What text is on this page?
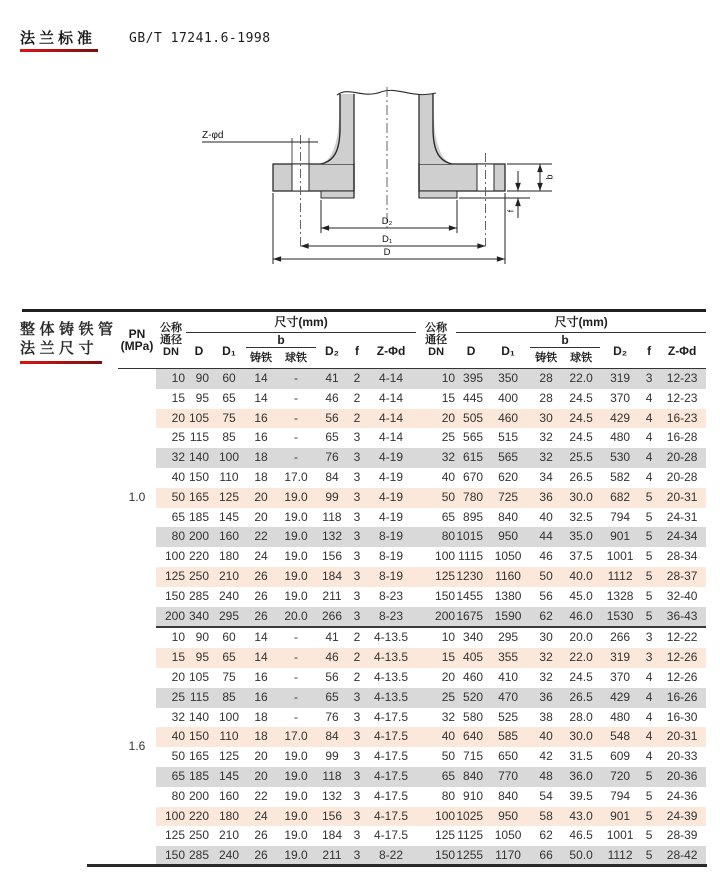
法兰标准	GB/T 17241.6-1998
Z-φd
b
f
D₂
D₁
D
整体铸铁管法兰尺寸
PN
(MPa)	公称
通径
DN	尺寸(mm)							公称
通径
DN	尺寸(mm)						
		D	D₁	b		D₂	f	Z-Φd		D	D₁	b		D₂	f	Z-Φd
				铸铁	球铁							铸铁	球铁			
1.0	10	90	60	14	-	41	2	4-14	10	395	350	28	22.0	319	3	12-23
	15	95	65	14	-	46	2	4-14	15	445	400	28	24.5	370	4	12-23
	20	105	75	16	-	56	2	4-14	20	505	460	30	24.5	429	4	16-23
	25	115	85	16	-	65	3	4-14	25	565	515	32	24.5	480	4	16-28
	32	140	100	18	-	76	3	4-19	32	615	565	32	25.5	530	4	20-28
	40	150	110	18	17.0	84	3	4-19	40	670	620	34	26.5	582	4	20-28
	50	165	125	20	19.0	99	3	4-19	50	780	725	36	30.0	682	5	20-31
	65	185	145	20	19.0	118	3	4-19	65	895	840	40	32.5	794	5	24-31
	80	200	160	22	19.0	132	3	8-19	80	1015	950	44	35.0	901	5	24-34
	100	220	180	24	19.0	156	3	8-19	100	1115	1050	46	37.5	1001	5	28-34
	125	250	210	26	19.0	184	3	8-19	125	1230	1160	50	40.0	1112	5	28-37
	150	285	240	26	19.0	211	3	8-23	150	1455	1380	56	45.0	1328	5	32-40
	200	340	295	26	20.0	266	3	8-23	200	1675	1590	62	46.0	1530	5	36-43
1.6	10	90	60	14	-	41	2	4-13.5	10	340	295	30	20.0	266	3	12-22
	15	95	65	14	-	46	2	4-13.5	15	405	355	32	22.0	319	3	12-26
	20	105	75	16	-	56	2	4-13.5	20	460	410	32	24.5	370	4	12-26
	25	115	85	16	-	65	3	4-13.5	25	520	470	36	26.5	429	4	16-26
	32	140	100	18	-	76	3	4-17.5	32	580	525	38	28.0	480	4	16-30
	40	150	110	18	17.0	84	3	4-17.5	40	640	585	40	30.0	548	4	20-31
	50	165	125	20	19.0	99	3	4-17.5	50	715	650	42	31.5	609	4	20-33
	65	185	145	20	19.0	118	3	4-17.5	65	840	770	48	36.0	720	5	20-36
	80	200	160	22	19.0	132	3	4-17.5	80	910	840	54	39.5	794	5	24-36
	100	220	180	24	19.0	156	3	4-17.5	100	1025	950	58	43.0	901	5	24-39
	125	250	210	26	19.0	184	3	4-17.5	125	1125	1050	62	46.5	1001	5	28-39
	150	285	240	26	19.0	211	3	8-22	150	1255	1170	66	50.0	1112	5	28-42
